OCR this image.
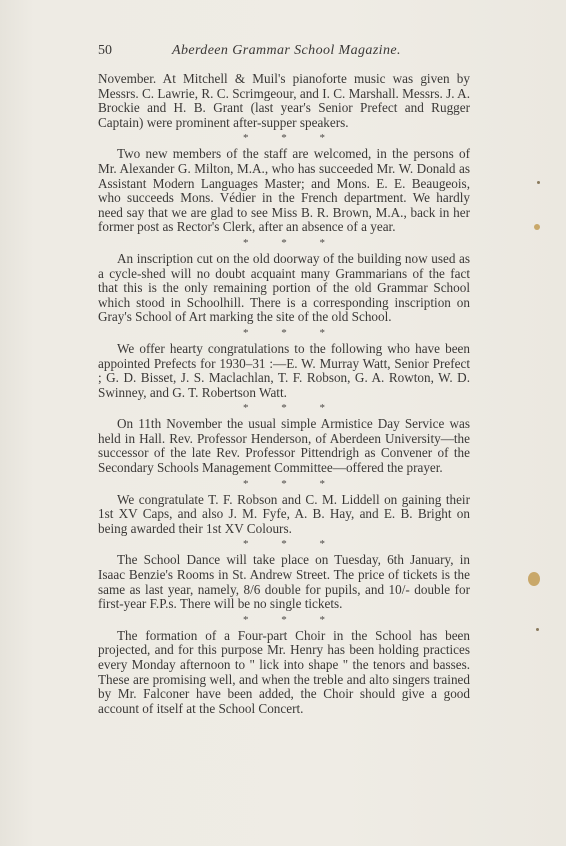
50	Aberdeen Grammar School Magazine.

November. At Mitchell & Muil's pianoforte music was given by Messrs. C. Lawrie, R. C. Scrimgeour, and I. C. Marshall. Messrs. J. A. Brockie and H. B. Grant (last year's Senior Prefect and Rugger Captain) were prominent after-supper speakers.

* * *

Two new members of the staff are welcomed, in the persons of Mr. Alexander G. Milton, M.A., who has succeeded Mr. W. Donald as Assistant Modern Languages Master; and Mons. E. E. Beaugeois, who succeeds Mons. Védier in the French department. We hardly need say that we are glad to see Miss B. R. Brown, M.A., back in her former post as Rector's Clerk, after an absence of a year.

* * *

An inscription cut on the old doorway of the building now used as a cycle-shed will no doubt acquaint many Grammarians of the fact that this is the only remaining portion of the old Grammar School which stood in Schoolhill. There is a corresponding inscription on Gray's School of Art marking the site of the old School.

* * *

We offer hearty congratulations to the following who have been appointed Prefects for 1930–31 :—E. W. Murray Watt, Senior Prefect ; G. D. Bisset, J. S. Maclachlan, T. F. Robson, G. A. Rowton, W. D. Swinney, and G. T. Robertson Watt.

* * *

On 11th November the usual simple Armistice Day Service was held in Hall. Rev. Professor Henderson, of Aberdeen University—the successor of the late Rev. Professor Pittendrigh as Convener of the Secondary Schools Management Committee—offered the prayer.

* * *

We congratulate T. F. Robson and C. M. Liddell on gaining their 1st XV Caps, and also J. M. Fyfe, A. B. Hay, and E. B. Bright on being awarded their 1st XV Colours.

* * *

The School Dance will take place on Tuesday, 6th January, in Isaac Benzie's Rooms in St. Andrew Street. The price of tickets is the same as last year, namely, 8/6 double for pupils, and 10/- double for first-year F.P.s. There will be no single tickets.

* * *

The formation of a Four-part Choir in the School has been projected, and for this purpose Mr. Henry has been holding practices every Monday afternoon to " lick into shape " the tenors and basses. These are promising well, and when the treble and alto singers trained by Mr. Falconer have been added, the Choir should give a good account of itself at the School Concert.
